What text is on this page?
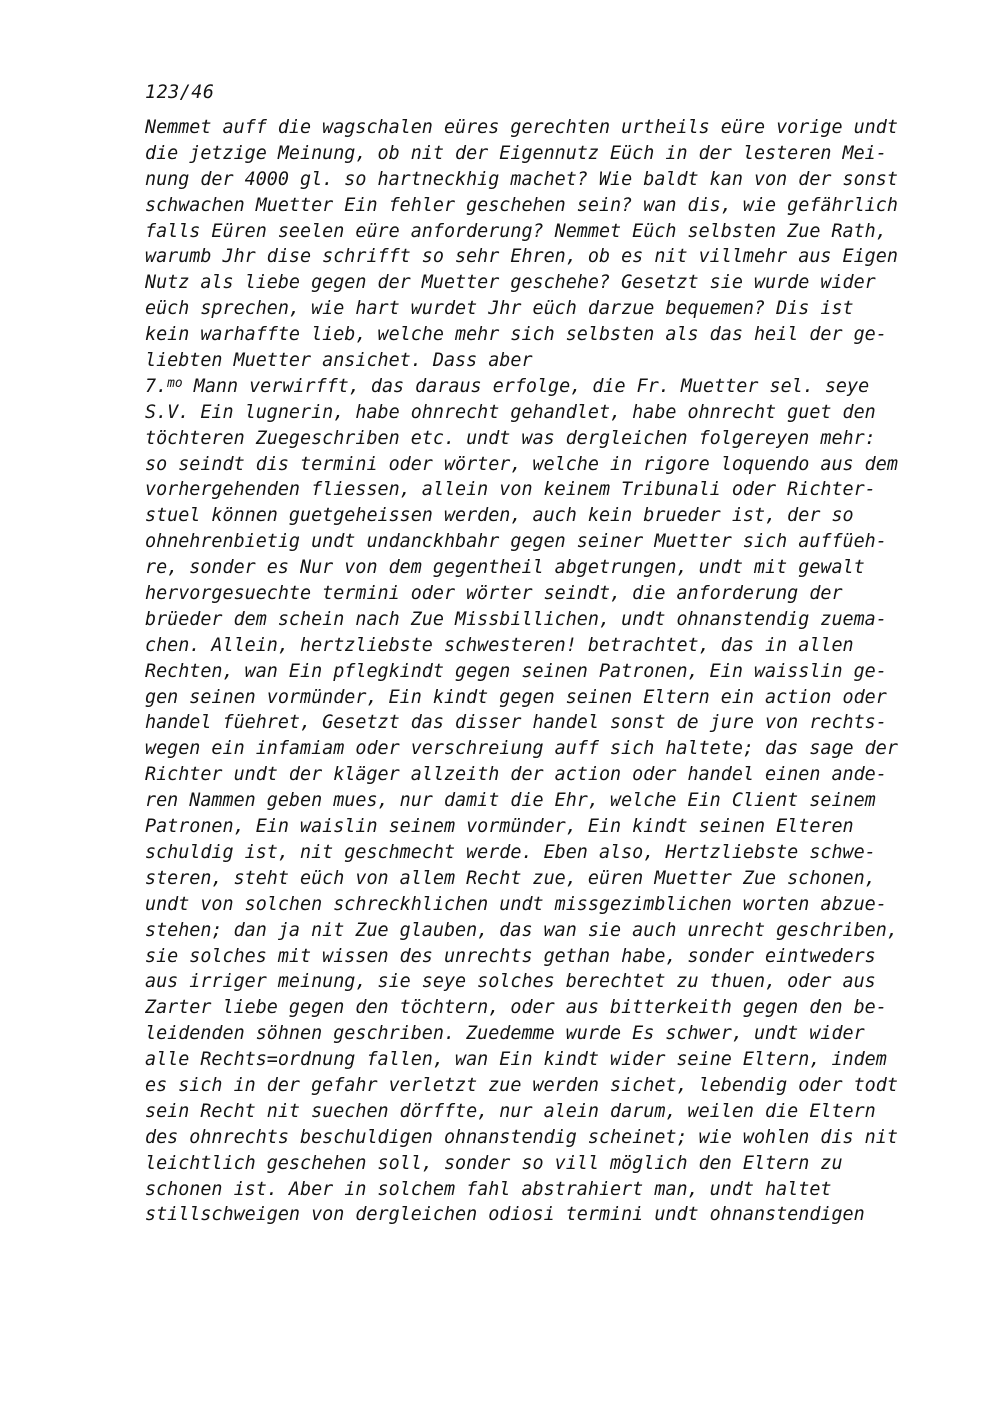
123/46
Nemmet auff die wagschalen eüres gerechten urtheils eüre vorige undt
die jetzige Meinung, ob nit der Eigennutz Eüch in der lesteren Mei-
nung der 4000 gl. so hartneckhig machet? Wie baldt kan von der sonst
schwachen Muetter Ein fehler geschehen sein? wan dis, wie gefährlich
falls Eüren seelen eüre anforderung? Nemmet Eüch selbsten Zue Rath,
warumb Jhr dise schrifft so sehr Ehren, ob es nit villmehr aus Eigen
Nutz als liebe gegen der Muetter geschehe? Gesetzt sie wurde wider
eüch sprechen, wie hart wurdet Jhr eüch darzue bequemen? Dis ist
kein warhaffte lieb, welche mehr sich selbsten als das heil der ge-
liebten Muetter ansichet. Dass aber
7.$^{mo}$ Mann verwirfft, das daraus erfolge, die Fr. Muetter sel. seye
S.V. Ein lugnerin, habe ohnrecht gehandlet, habe ohnrecht guet den
töchteren Zuegeschriben etc. undt was dergleichen folgereyen mehr:
so seindt dis termini oder wörter, welche in rigore loquendo aus dem
vorhergehenden fliessen, allein von keinem Tribunali oder Richter-
stuel können guetgeheissen werden, auch kein brueder ist, der so
ohnehrenbietig undt undanckhbahr gegen seiner Muetter sich auffüeh-
re, sonder es Nur von dem gegentheil abgetrungen, undt mit gewalt
hervorgesuechte termini oder wörter seindt, die anforderung der
brüeder dem schein nach Zue Missbillichen, undt ohnanstendig zuema-
chen. Allein, hertzliebste schwesteren! betrachtet, das in allen
Rechten, wan Ein pflegkindt gegen seinen Patronen, Ein waisslin ge-
gen seinen vormünder, Ein kindt gegen seinen Eltern ein action oder
handel füehret, Gesetzt das disser handel sonst de jure von rechts-
wegen ein infamiam oder verschreiung auff sich haltete; das sage der
Richter undt der kläger allzeith der action oder handel einen ande-
ren Nammen geben mues, nur damit die Ehr, welche Ein Client seinem
Patronen, Ein waislin seinem vormünder, Ein kindt seinen Elteren
schuldig ist, nit geschmecht werde. Eben also, Hertzliebste schwe-
steren, steht eüch von allem Recht zue, eüren Muetter Zue schonen,
undt von solchen schreckhlichen undt missgezimblichen worten abzue-
stehen; dan ja nit Zue glauben, das wan sie auch unrecht geschriben,
sie solches mit wissen des unrechts gethan habe, sonder eintweders
aus irriger meinung, sie seye solches berechtet zu thuen, oder aus
Zarter liebe gegen den töchtern, oder aus bitterkeith gegen den be-
leidenden söhnen geschriben. Zuedemme wurde Es schwer, undt wider
alle Rechts=ordnung fallen, wan Ein kindt wider seine Eltern, indem
es sich in der gefahr verletzt zue werden sichet, lebendig oder todt
sein Recht nit suechen dörffte, nur alein darum, weilen die Eltern
des ohnrechts beschuldigen ohnanstendig scheinet; wie wohlen dis nit
leichtlich geschehen soll, sonder so vill möglich den Eltern zu
schonen ist. Aber in solchem fahl abstrahiert man, undt haltet
stillschweigen von dergleichen odiosi termini undt ohnanstendigen
